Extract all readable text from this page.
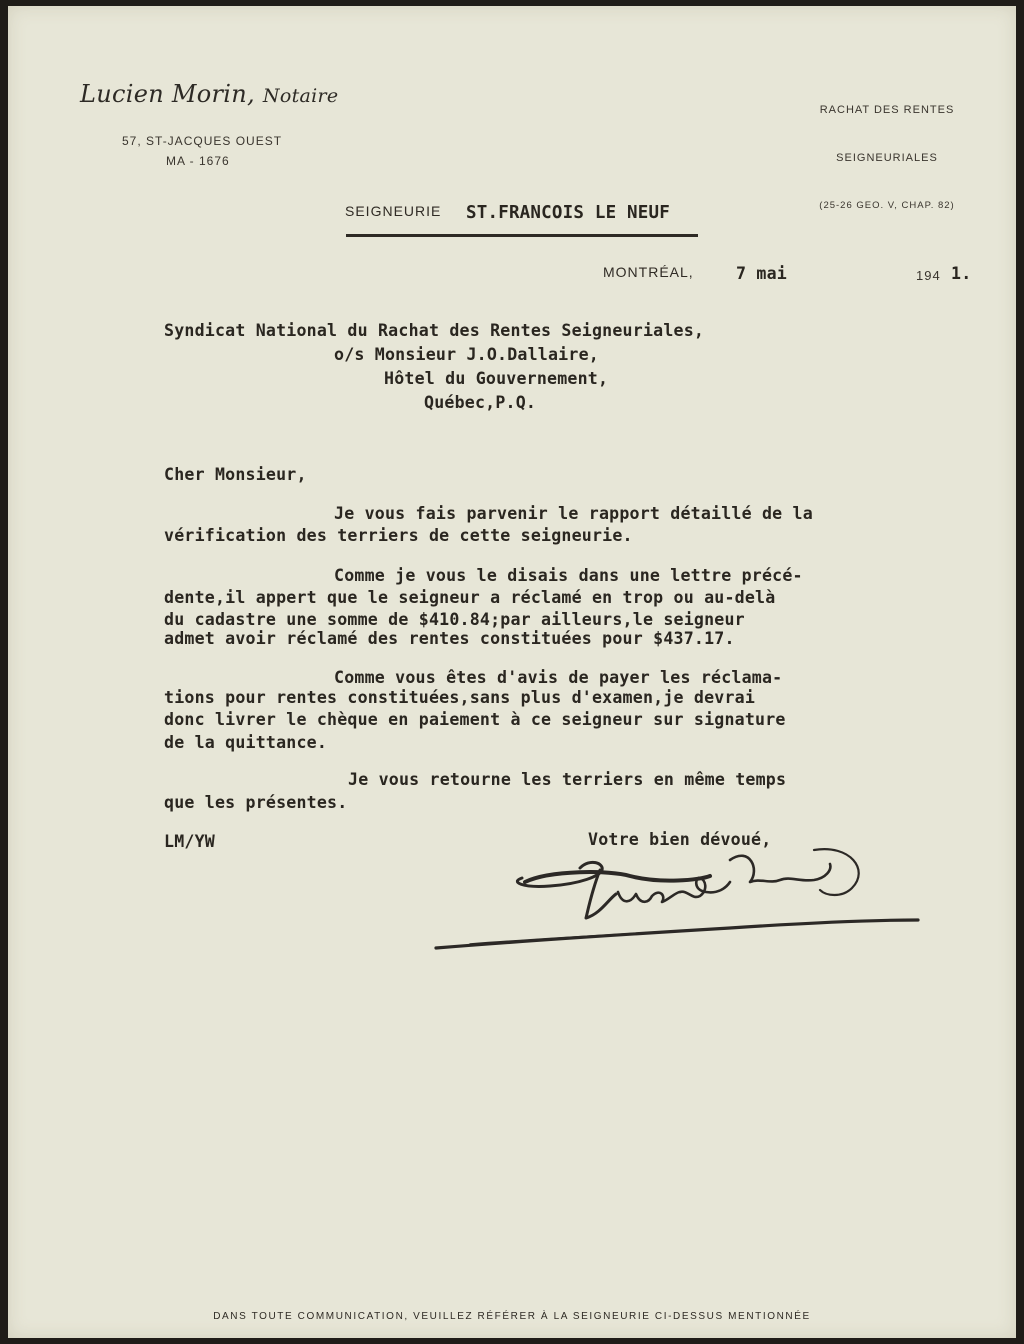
Lucien Morin, Notaire
57, ST-JACQUES OUEST
MA - 1676

RACHAT DES RENTES

SEIGNEURIALES

(25-26 GEO. V, CHAP. 82)

SEIGNEURIE ST.FRANCOIS LE NEUF
MONTRÉAL,	7 mai	194 1.
Syndicat National du Rachat des Rentes Seigneuriales,
o/s Monsieur J.O.Dallaire,
Hôtel du Gouvernement,
Québec,P.Q.
Cher Monsieur,
Je vous fais parvenir le rapport détaillé de la
vérification des terriers de cette seigneurie.
Comme je vous le disais dans une lettre précé-
dente,il appert que le seigneur a réclamé en trop ou au-delà
du cadastre une somme de $410.84;par ailleurs,le seigneur
admet avoir réclamé des rentes constituées pour $437.17.
Comme vous êtes d'avis de payer les réclama-
tions pour rentes constituées,sans plus d'examen,je devrai
donc livrer le chèque en paiement à ce seigneur sur signature
de la quittance.
Je vous retourne les terriers en même temps
que les présentes.
LM/YW	Votre bien dévoué,
Lucien Morin
DANS TOUTE COMMUNICATION, VEUILLEZ RÉFÉRER À LA SEIGNEURIE CI-DESSUS MENTIONNÉE
